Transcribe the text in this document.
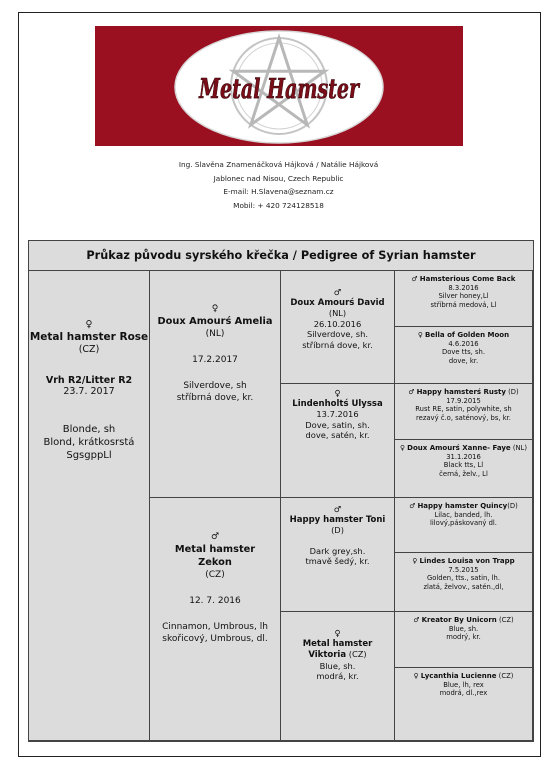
Metal Hamster
Ing. Slavěna Znamenáčková Hájková / Natálie Hájková
Jablonec nad Nisou, Czech Republic
E-mail: H.Slavena@seznam.cz
Mobil: + 420 724128518
Průkaz původu syrského křečka / Pedigree of Syrian hamster
♀
Metal hamster Rose
(CZ)
Vrh R2/Litter R2
23.7. 2017
Blonde, sh
Blond, krátkosrstá
SgsgppLl
♀
Doux Amourś Amelia
(NL)
17.2.2017
Silverdove, sh
stříbrná dove, kr.
♂
Metal hamster
Zekon
(CZ)
12. 7. 2016
Cinnamon, Umbrous, lh
skořicový, Umbrous, dl.
♂
Doux Amourś David
(NL)
26.10.2016
Silverdove, sh.
stříbrná dove, kr.
♀
Lindenholtś Ulyssa
13.7.2016
Dove, satin, sh.
dove, satén, kr.
♂
Happy hamster Toni
(D)
Dark grey,sh.
tmavě šedý, kr.
♀
Metal hamster
Viktoria (CZ)
Blue, sh.
modrá, kr.
♂ Hamsterious Come Back
8.3.2016
Silver honey,Ll
stříbrná medová, Ll
♀ Bella of Golden Moon
4.6.2016
Dove tts, sh.
dove, kr.
♂ Happy hamsterś Rusty (D)
17.9.2015
Rust RE, satin, polywhite, sh
rezavý č.o, saténový, bs, kr.
♀ Doux Amourś Xanne- Faye (NL)
31.1.2016
Black tts, Ll
černá, želv., Ll
♂ Happy hamster Quincy(D)
Lilac, banded, lh.
lilový,páskovaný dl.
♀ Lindes Louisa von Trapp
7.5.2015
Golden, tts., satin, lh.
zlatá, želvov., satén.,dl,
♂ Kreator By Unicorn (CZ)
Blue, sh.
modrý, kr.
♀ Lycanthia Lucienne (CZ)
Blue, lh, rex
modrá, dl.,rex
